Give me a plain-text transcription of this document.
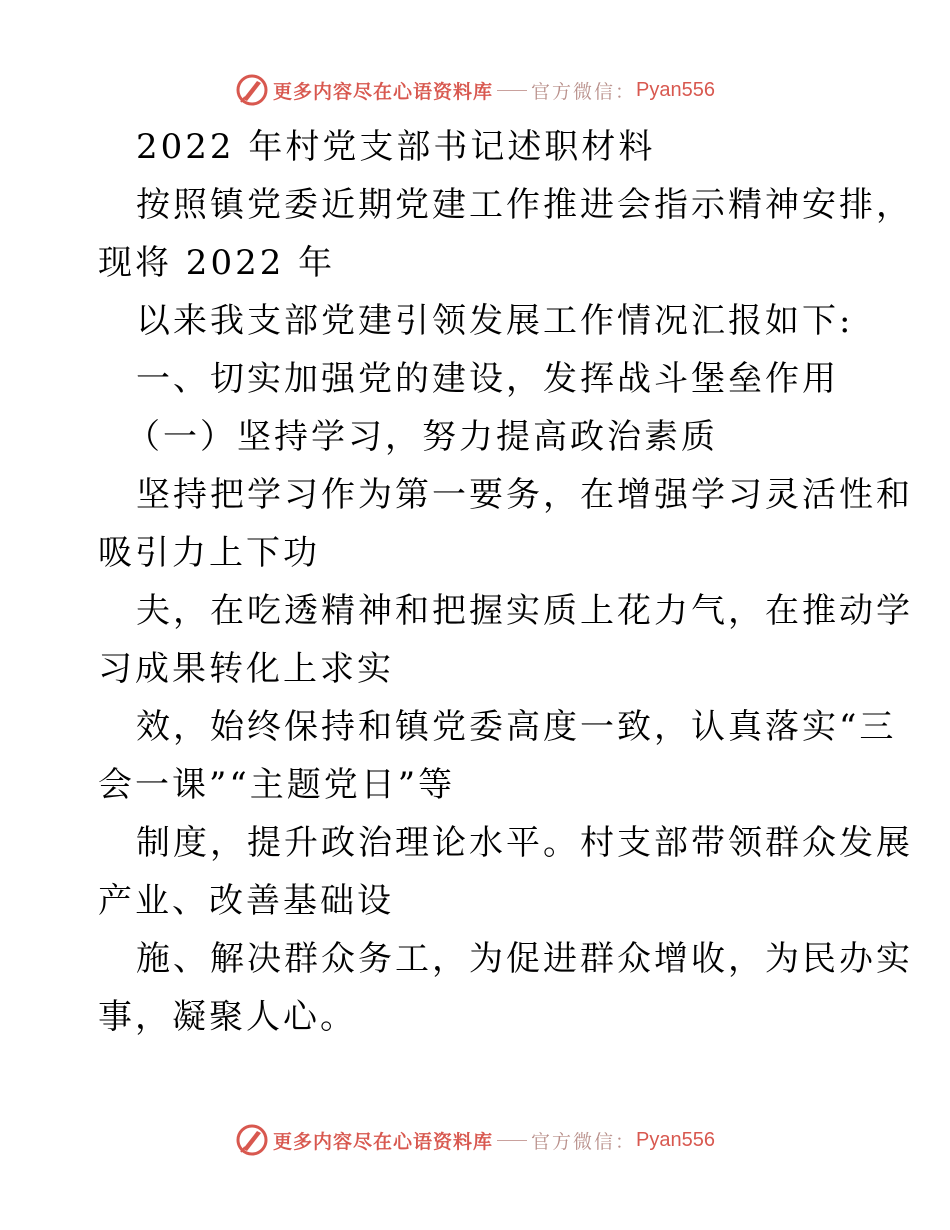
更多内容尽在心语资料库 官方微信： Pyan556
2022 年村党支部书记述职材料
按照镇党委近期党建工作推进会指示精神安排，
现将 2022 年
以来我支部党建引领发展工作情况汇报如下:
一、切实加强党的建设，发挥战斗堡垒作用
（一）坚持学习，努力提高政治素质
坚持把学习作为第一要务，在增强学习灵活性和
吸引力上下功
夫，在吃透精神和把握实质上花力气，在推动学
习成果转化上求实
效，始终保持和镇党委高度一致，认真落实“三
会一课”“主题党日”等
制度，提升政治理论水平。村支部带领群众发展
产业、改善基础设
施、解决群众务工，为促进群众增收，为民办实
事，凝聚人心。
更多内容尽在心语资料库 官方微信： Pyan556
